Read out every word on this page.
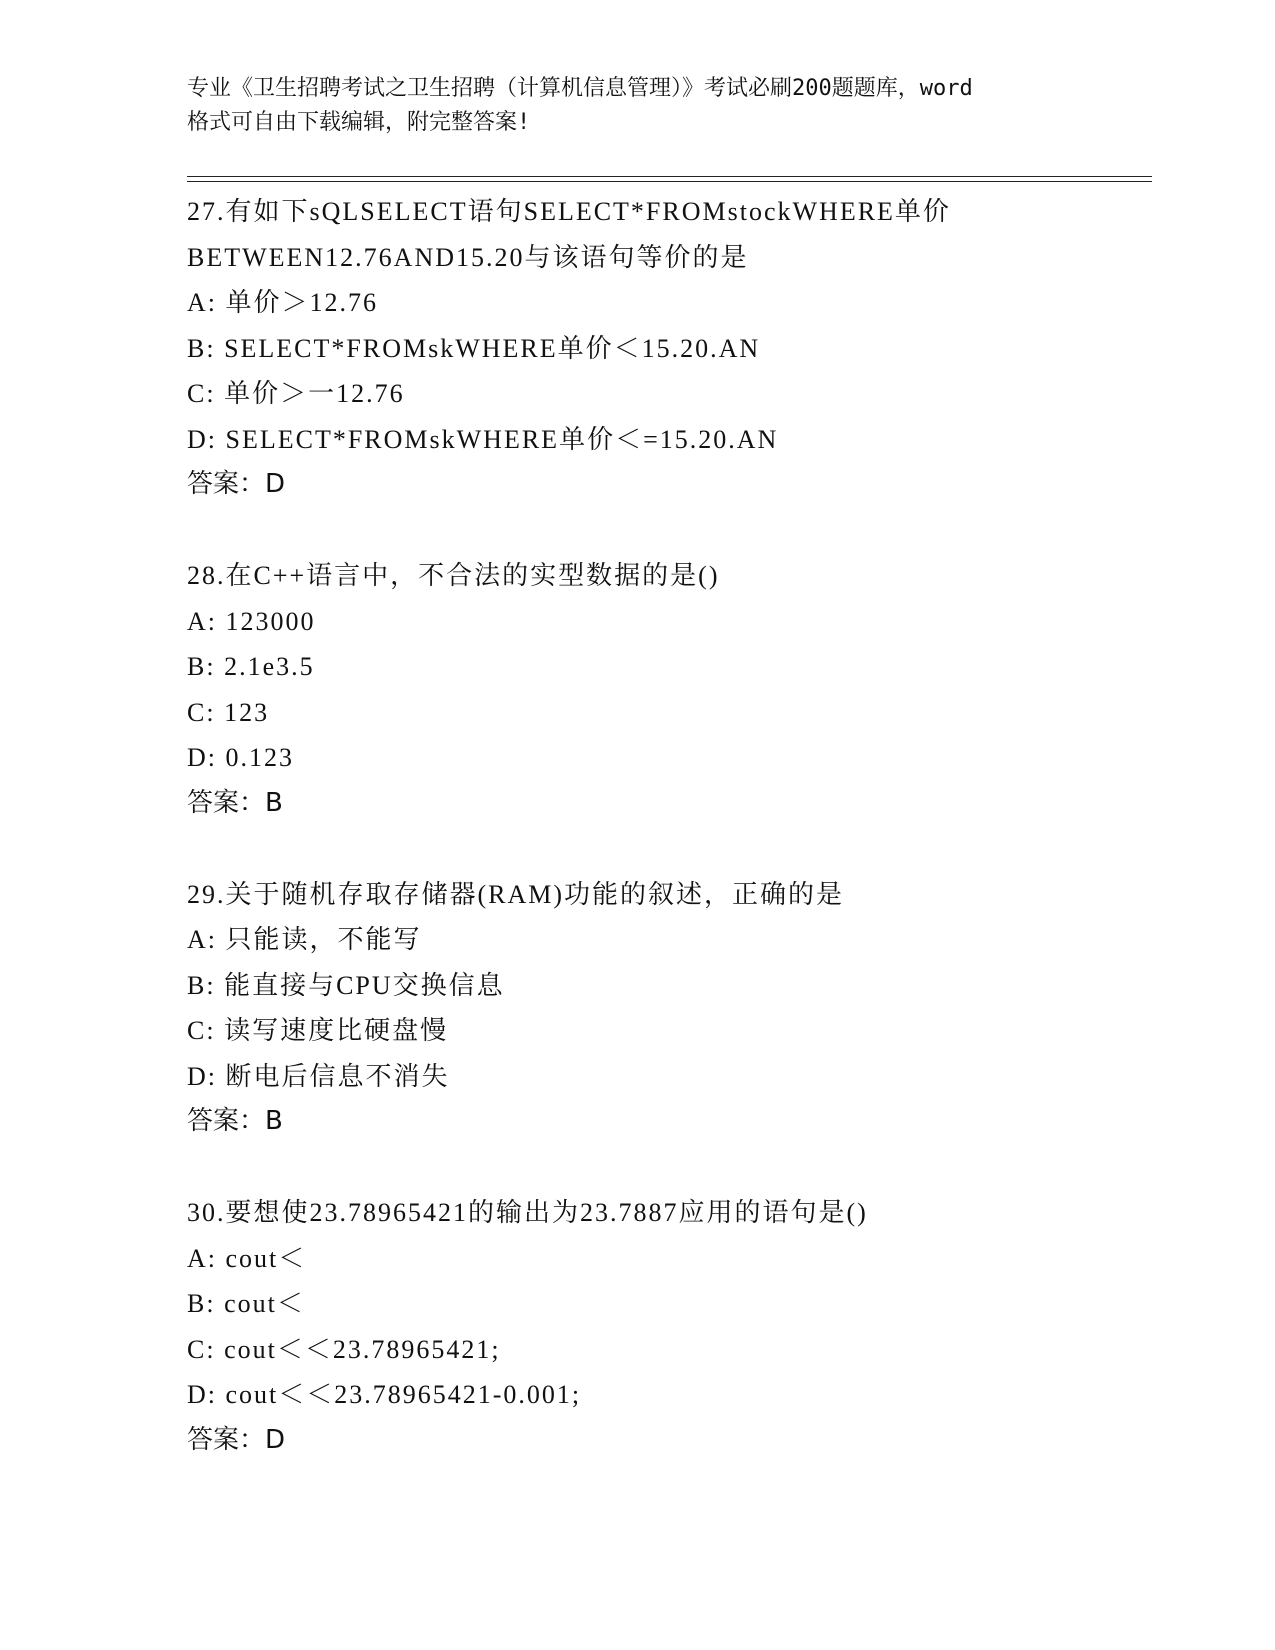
专业《卫生招聘考试之卫生招聘（计算机信息管理）》考试必刷200题题库，word
格式可自由下载编辑，附完整答案!
27.有如下sQLSELECT语句SELECT*FROMstockWHERE单价
BETWEEN12.76AND15.20与该语句等价的是
A: 单价＞12.76
B: SELECT*FROMskWHERE单价＜15.20.AN
C: 单价＞一12.76
D: SELECT*FROMskWHERE单价＜=15.20.AN
答案：D
28.在C++语言中，不合法的实型数据的是()
A: 123000
B: 2.1e3.5
C: 123
D: 0.123
答案：B
29.关于随机存取存储器(RAM)功能的叙述，正确的是
A: 只能读，不能写
B: 能直接与CPU交换信息
C: 读写速度比硬盘慢
D: 断电后信息不消失
答案：B
30.要想使23.78965421的输出为23.7887应用的语句是()
A: cout＜
B: cout＜
C: cout＜＜23.78965421;
D: cout＜＜23.78965421-0.001;
答案：D
